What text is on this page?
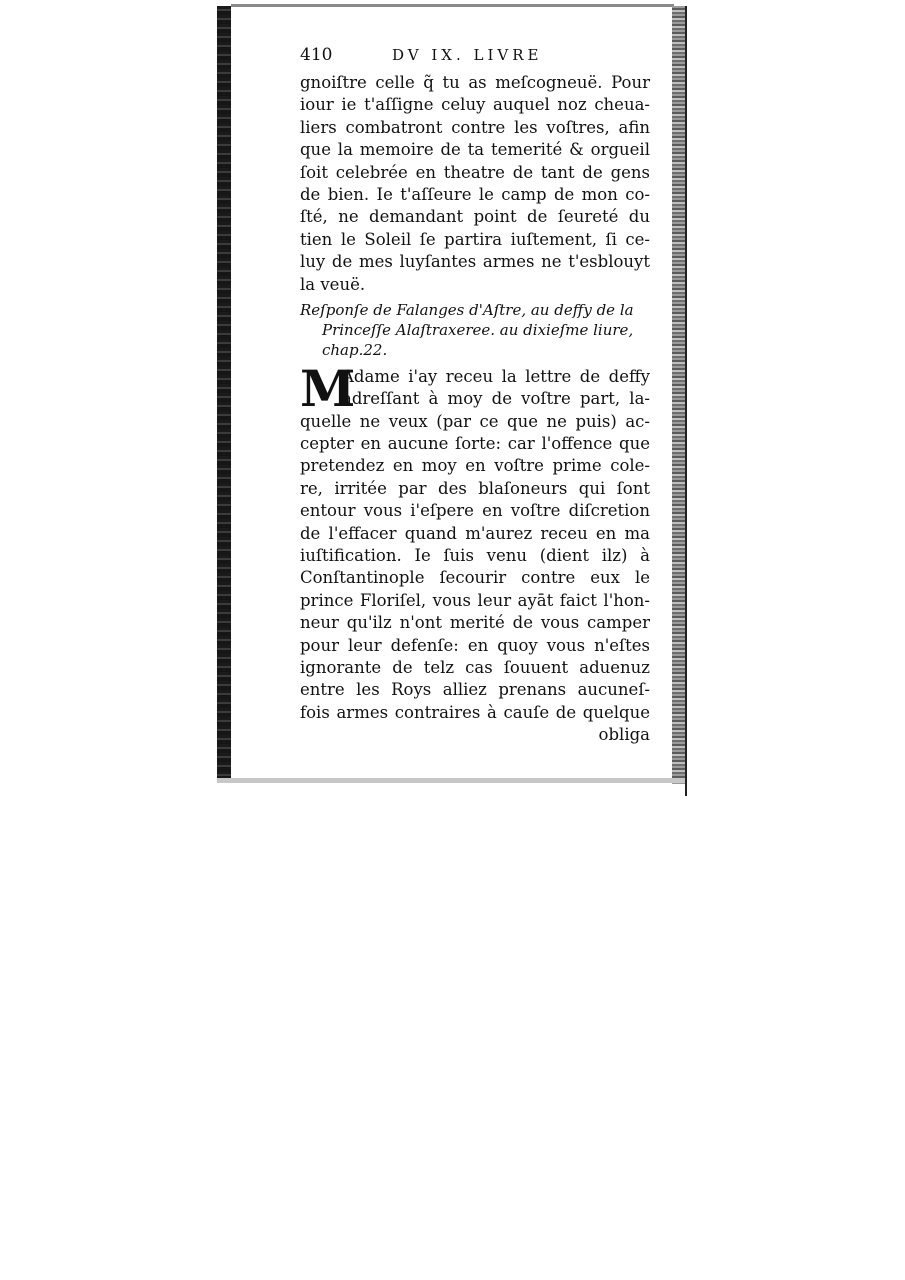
410	DV IX. LIVRE
gnoiſtre celle q̃ tu as meſcogneuë. Pour
iour ie t'aſſigne celuy auquel noz cheua-
liers combatront contre les voſtres, afin
que la memoire de ta temerité & orgueil
ſoit celebrée en theatre de tant de gens
de bien. Ie t'aſſeure le camp de mon co-
ſté, ne demandant point de ſeureté du
tien le Soleil ſe partira iuſtement, ſi ce-
luy de mes luyſantes armes ne t'esblouyt
la veuë.
Reſponſe de Falanges d'Aſtre, au deffy de la
Princeſſe Alaſtraxeree. au dixieſme liure,
chap.22.
M
Adame i'ay receu la lettre de deffy
adreſſant à moy de voſtre part, la-
quelle ne veux (par ce que ne puis) ac-
cepter en aucune ſorte: car l'offence que
pretendez en moy en voſtre prime cole-
re, irritée par des blaſoneurs qui ſont
entour vous i'eſpere en voſtre diſcretion
de l'effacer quand m'aurez receu en ma
iuſtification. Ie ſuis venu (dient ilz) à
Conſtantinople ſecourir contre eux le
prince Floriſel, vous leur ayāt faict l'hon-
neur qu'ilz n'ont merité de vous camper
pour leur defenſe: en quoy vous n'eſtes
ignorante de telz cas ſouuent aduenuz
entre les Roys alliez prenans aucuneſ-
fois armes contraires à cauſe de quelque
obliga
